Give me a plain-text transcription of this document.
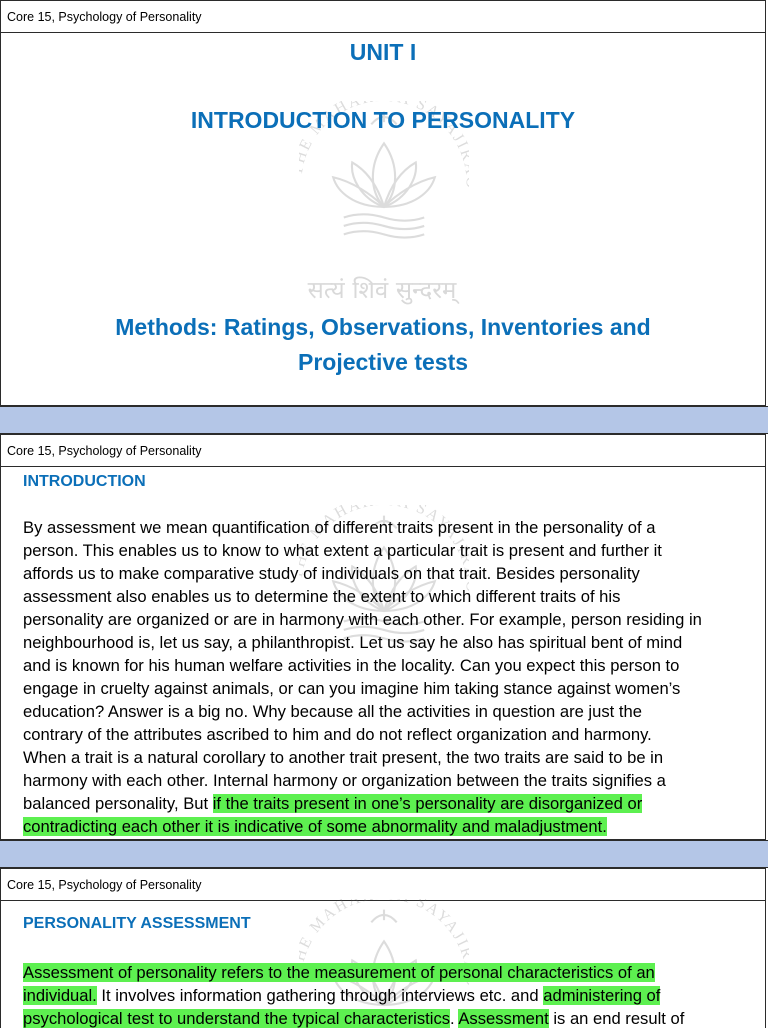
Core 15, Psychology of Personality
सत्यं शिवं सुन्दरम्
UNIT I
INTRODUCTION TO PERSONALITY
Methods: Ratings, Observations, Inventories and
Projective tests
Core 15, Psychology of Personality
INTRODUCTION
By assessment we mean quantification of different traits present in the personality of a
person. This enables us to know to what extent a particular trait is present and further it
affords us to make comparative study of individuals on that trait. Besides personality
assessment also enables us to determine the extent to which different traits of his
personality are organized or are in harmony with each other. For example, person residing in
neighbourhood is, let us say, a philanthropist. Let us say he also has spiritual bent of mind
and is known for his human welfare activities in the locality. Can you expect this person to
engage in cruelty against animals, or can you imagine him taking stance against women’s
education? Answer is a big no. Why because all the activities in question are just the
contrary of the attributes ascribed to him and do not reflect organization and harmony.
When a trait is a natural corollary to another trait present, the two traits are said to be in
harmony with each other. Internal harmony or organization between the traits signifies a
balanced personality, But if the traits present in one’s personality are disorganized or
contradicting each other it is indicative of some abnormality and maladjustment.
Core 15, Psychology of Personality
PERSONALITY ASSESSMENT
Assessment of personality refers to the measurement of personal characteristics of an
individual. It involves information gathering through interviews etc. and administering of
psychological test to understand the typical characteristics. Assessment is an end result of
